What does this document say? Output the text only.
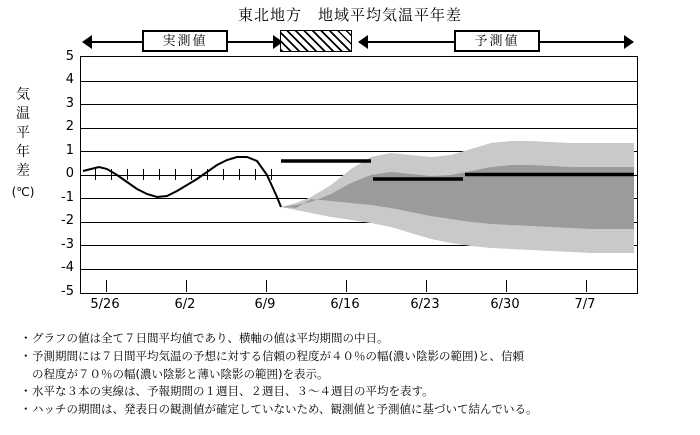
東北地方　地域平均気温平年差
実測値	予測値
気
温
平
年
差
(℃)
5
4
3
2
1
0
-1
-2
-3
-4
-5
5/26	6/2	6/9	6/16	6/23	6/30	7/7
・ グラフの値は全て７日間平均値であり、横軸の値は平均期間の中日。
・ 予測期間には７日間平均気温の予想に対する信頼の程度が４０％の幅(濃い陰影の範囲)と、信頼
の程度が７０％の幅(濃い陰影と薄い陰影の範囲)を表示。
・ 水平な３本の実線は、予報期間の１週目、２週目、３～４週目の平均を表す。
・ ハッチの期間は、発表日の観測値が確定していないため、観測値と予測値に基づいて結んでいる。
